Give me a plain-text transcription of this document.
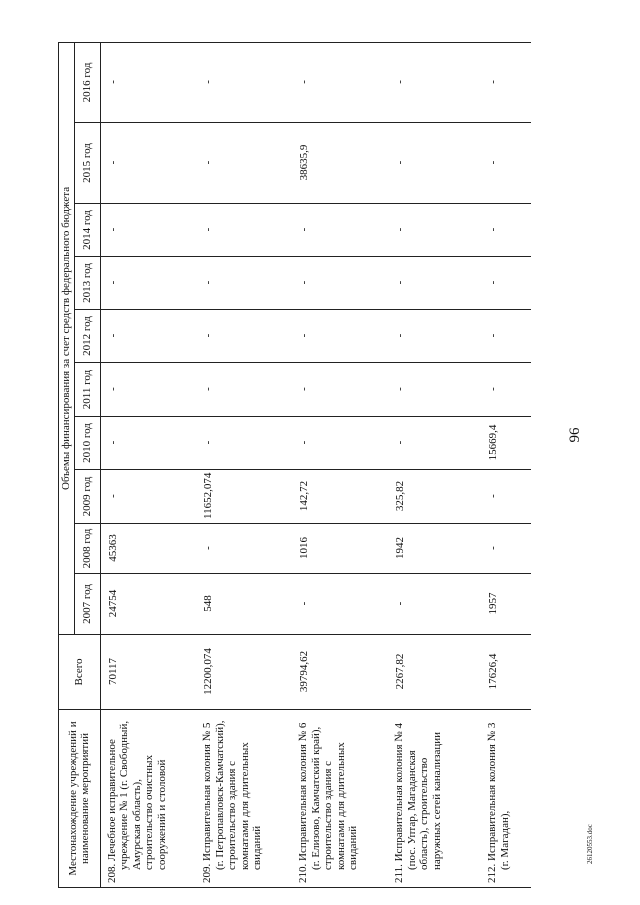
96
Местонахождение учреждений и наименование мероприятий	Всего	Объемы финансирования за счет средств федерального бюджета									
		2007 год	2008 год	2009 год	2010 год	2011 год	2012 год	2013 год	2014 год	2015 год	2016 год

208. Лечебное исправительное учреждение № 1 (г. Свободный, Амурская область), строительство очистных сооружений и столовой	70117	24754	45363	-	-	-	-	-	-	-	-

209. Исправительная колония № 5 (г. Петропавловск-Камчатский), строительство здания с комнатами для длительных свиданий	12200,074	548	-	11652,074	-	-	-	-	-	-	-

210. Исправительная колония № 6 (г. Елизово, Камчатский край), строительство здания с комнатами для длительных свиданий	39794,62	-	1016	142,72	-	-	-	-	-	38635,9	-

211. Исправительная колония № 4 (пос. Уптар, Магаданская область), строительство наружных сетей канализации	2267,82	-	1942	325,82	-	-	-	-	-	-	-

212. Исправительная колония № 3 (г. Магадан),	17626,4	1957	-	-	15669,4	-	-	-	-	-	-
26120553.doc
